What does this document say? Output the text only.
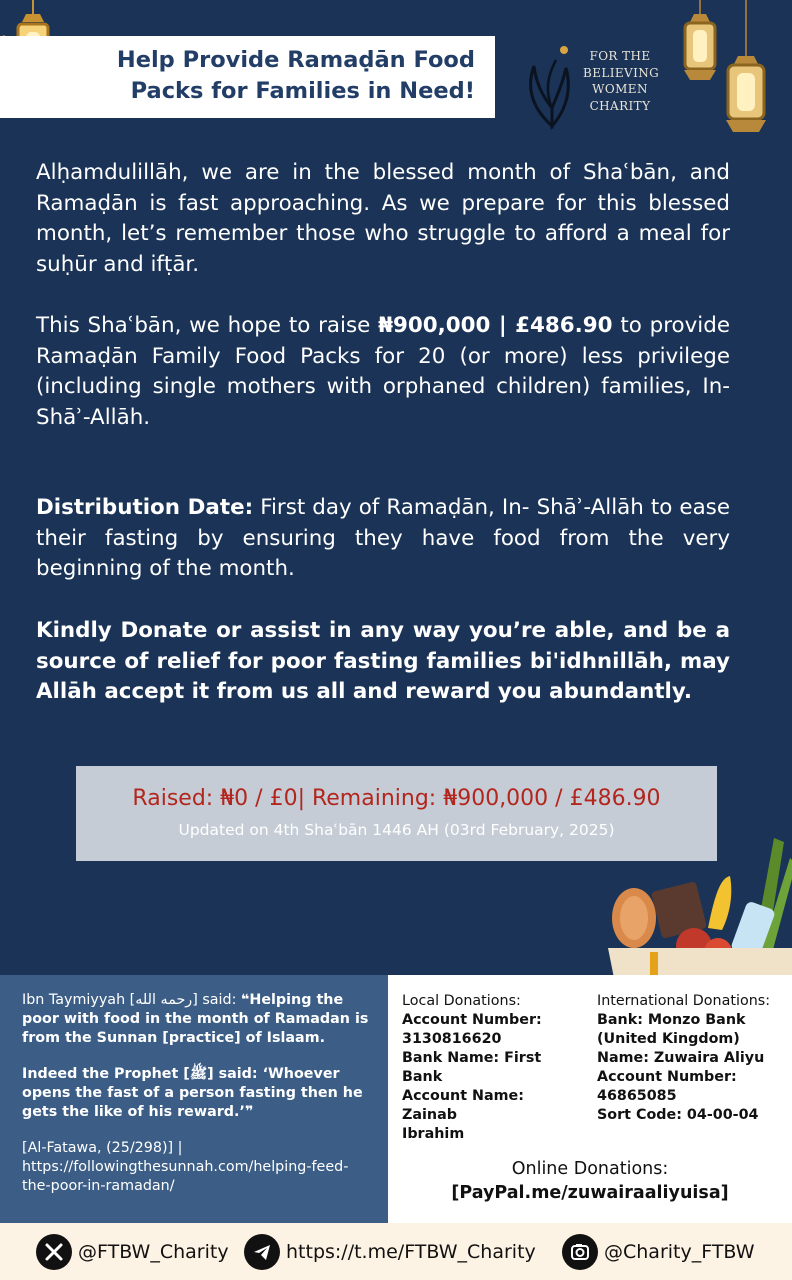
Help Provide Ramaḍān Food
Packs for Families in Need!
FOR THE
BELIEVING
WOMEN
CHARITY
Alḥamdulillāh, we are in the blessed month of Shaʿbān, and Ramaḍān is fast approaching. As we prepare for this blessed month, let’s remember those who struggle to afford a meal for suḥūr and ifṭār.
This Shaʿbān, we hope to raise ₦900,000 | £486.90 to provide Ramaḍān Family Food Packs for 20 (or more) less privilege (including single mothers with orphaned children) families, In- Shāʾ-Allāh.
Distribution Date: First day of Ramaḍān, In- Shāʾ-Allāh to ease their fasting by ensuring they have food from the very beginning of the month.
Kindly Donate or assist in any way you’re able, and be a source of relief for poor fasting families bi'idhnillāh, may Allāh accept it from us all and reward you abundantly.
Raised: ₦0 / £0| Remaining: ₦900,000 / £486.90
Updated on 4th Shaʿbān 1446 AH (03rd February, 2025)
Ibn Taymiyyah [رحمه الله] said: ❝Helping the poor with food in the month of Ramadan is from the Sunnan [practice] of Islaam.
Indeed the Prophet [ﷺ] said: ‘Whoever opens the fast of a person fasting then he gets the like of his reward.’❞
[Al-Fatawa, (25/298)] | https://followingthesunnah.com/helping-feed-the-poor-in-ramadan/
Local Donations:
Account Number:
3130816620
Bank Name: First Bank
Account Name: Zainab
Ibrahim
International Donations:
Bank: Monzo Bank
(United Kingdom)
Name: Zuwaira Aliyu
Account Number:
46865085
Sort Code: 04-00-04
Online Donations:
[PayPal.me/zuwairaaliyuisa]
@FTBW_Charity	https://t.me/FTBW_Charity	@Charity_FTBW
